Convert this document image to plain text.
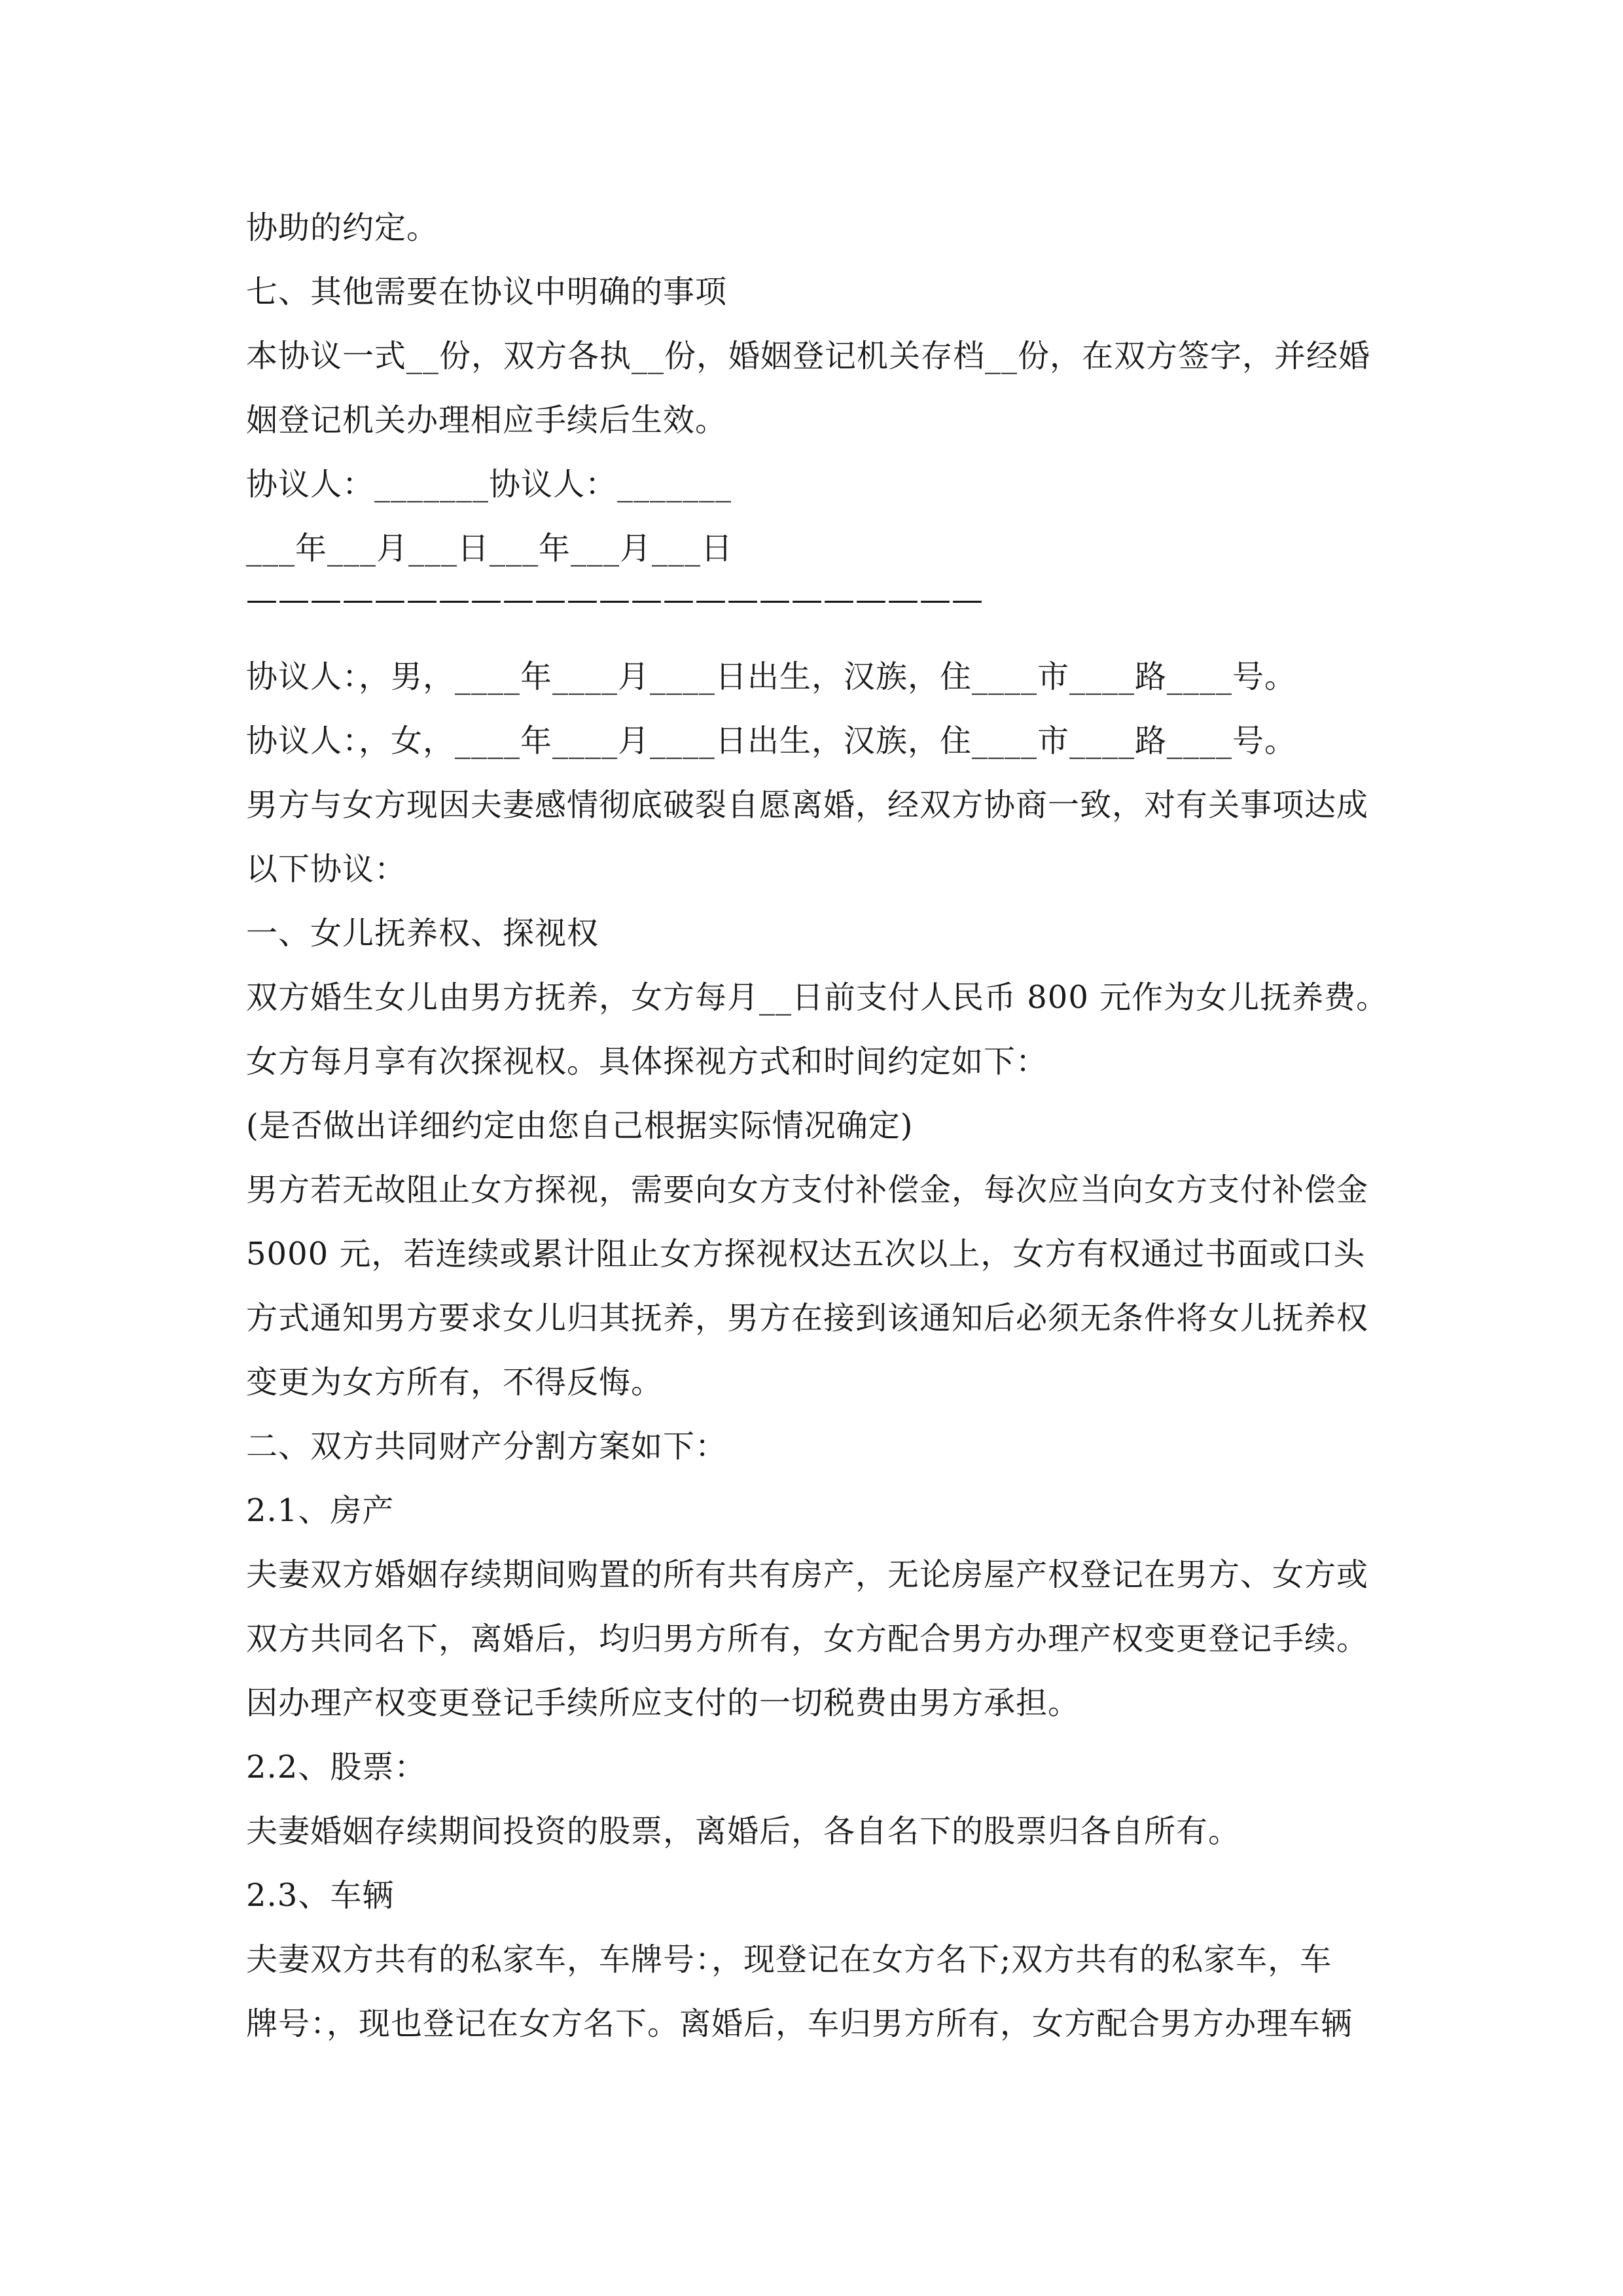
协助的约定。
七、其他需要在协议中明确的事项
本协议一式__份，双方各执__份，婚姻登记机关存档__份，在双方签字，并经婚
姻登记机关办理相应手续后生效。
协议人：_______协议人：_______
___年___月___日___年___月___日
———————————————————————
协议人：，男，____年____月____日出生，汉族，住____市____路____号。
协议人：，女，____年____月____日出生，汉族，住____市____路____号。
男方与女方现因夫妻感情彻底破裂自愿离婚，经双方协商一致，对有关事项达成
以下协议：
一、女儿抚养权、探视权
双方婚生女儿由男方抚养，女方每月__日前支付人民币 800 元作为女儿抚养费。
女方每月享有次探视权。具体探视方式和时间约定如下：
(是否做出详细约定由您自己根据实际情况确定)
男方若无故阻止女方探视，需要向女方支付补偿金，每次应当向女方支付补偿金
5000 元，若连续或累计阻止女方探视权达五次以上，女方有权通过书面或口头
方式通知男方要求女儿归其抚养，男方在接到该通知后必须无条件将女儿抚养权
变更为女方所有，不得反悔。
二、双方共同财产分割方案如下：
2.1、房产
夫妻双方婚姻存续期间购置的所有共有房产，无论房屋产权登记在男方、女方或
双方共同名下，离婚后，均归男方所有，女方配合男方办理产权变更登记手续。
因办理产权变更登记手续所应支付的一切税费由男方承担。
2.2、股票：
夫妻婚姻存续期间投资的股票，离婚后，各自名下的股票归各自所有。
2.3、车辆
夫妻双方共有的私家车，车牌号：，现登记在女方名下;双方共有的私家车，车
牌号：，现也登记在女方名下。离婚后，车归男方所有，女方配合男方办理车辆
